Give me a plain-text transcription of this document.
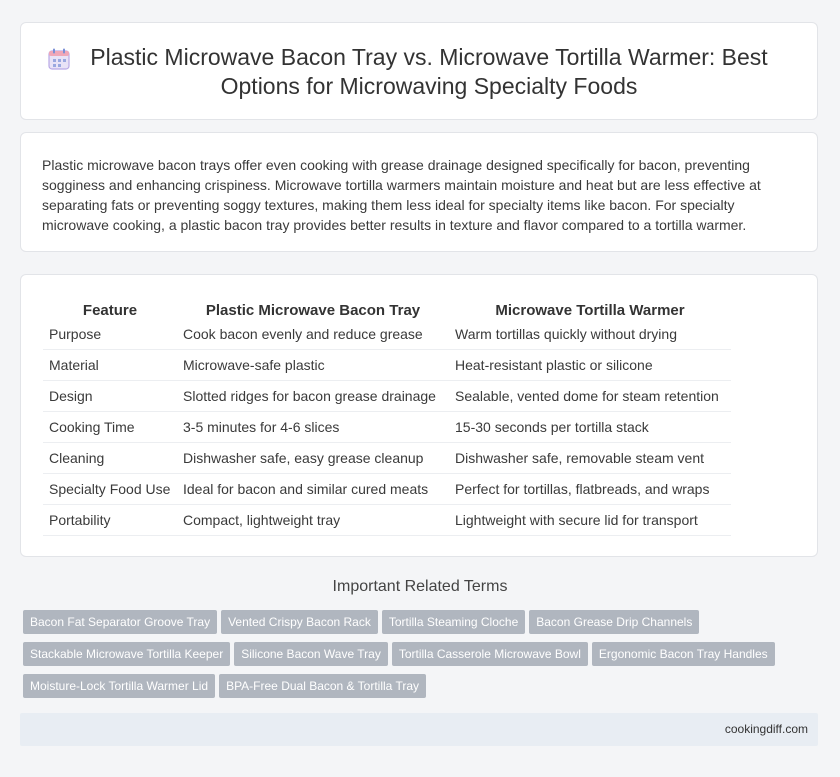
Plastic Microwave Bacon Tray vs. Microwave Tortilla Warmer: Best Options for Microwaving Specialty Foods

Plastic microwave bacon trays offer even cooking with grease drainage designed specifically for bacon, preventing sogginess and enhancing crispiness. Microwave tortilla warmers maintain moisture and heat but are less effective at separating fats or preventing soggy textures, making them less ideal for specialty items like bacon. For specialty microwave cooking, a plastic bacon tray provides better results in texture and flavor compared to a tortilla warmer.

Feature	Plastic Microwave Bacon Tray	Microwave Tortilla Warmer
Purpose	Cook bacon evenly and reduce grease	Warm tortillas quickly without drying
Material	Microwave-safe plastic	Heat-resistant plastic or silicone
Design	Slotted ridges for bacon grease drainage	Sealable, vented dome for steam retention
Cooking Time	3-5 minutes for 4-6 slices	15-30 seconds per tortilla stack
Cleaning	Dishwasher safe, easy grease cleanup	Dishwasher safe, removable steam vent
Specialty Food Use	Ideal for bacon and similar cured meats	Perfect for tortillas, flatbreads, and wraps
Portability	Compact, lightweight tray	Lightweight with secure lid for transport
Important Related Terms
Bacon Fat Separator Groove Tray Vented Crispy Bacon Rack Tortilla Steaming Cloche Bacon Grease Drip Channels
Stackable Microwave Tortilla Keeper Silicone Bacon Wave Tray Tortilla Casserole Microwave Bowl Ergonomic Bacon Tray Handles
Moisture-Lock Tortilla Warmer Lid BPA-Free Dual Bacon & Tortilla Tray
cookingdiff.com
